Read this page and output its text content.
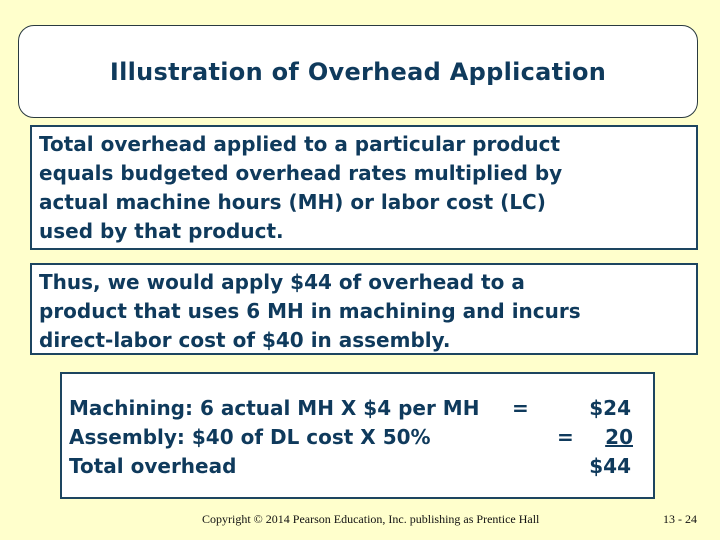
Illustration of Overhead Application
Total overhead applied to a particular product
equals budgeted overhead rates multiplied by
actual machine hours (MH) or labor cost (LC)
used by that product.
Thus, we would apply $44 of overhead to a
product that uses 6 MH in machining and incurs
direct-labor cost of $40 in assembly.
Machining: 6 actual MH X $4 per MH =	$24
Assembly: $40 of DL cost X 50%	= 20
Total overhead	$44
Copyright © 2014 Pearson Education, Inc. publishing as Prentice Hall	13 - 24
